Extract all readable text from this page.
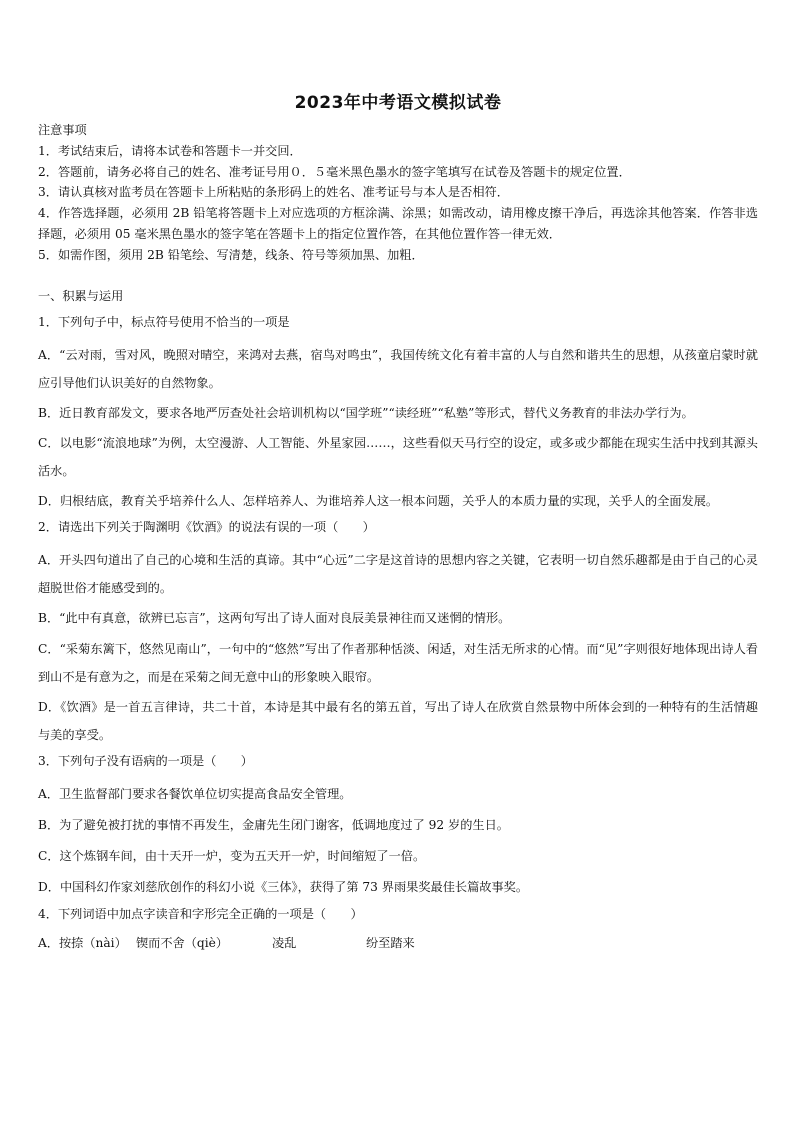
2023年中考语文模拟试卷

注意事项

1．考试结束后，请将本试卷和答题卡一并交回．

2．答题前，请务必将自己的姓名、准考证号用０．５毫米黑色墨水的签字笔填写在试卷及答题卡的规定位置．

3．请认真核对监考员在答题卡上所粘贴的条形码上的姓名、准考证号与本人是否相符．

4．作答选择题，必须用 2B 铅笔将答题卡上对应选项的方框涂满、涂黑；如需改动，请用橡皮擦干净后，再选涂其他答案．作答非选择题，必须用 05 毫米黑色墨水的签字笔在答题卡上的指定位置作答，在其他位置作答一律无效．

5．如需作图，须用 2B 铅笔绘、写清楚，线条、符号等须加黑、加粗．

一、积累与运用

1．下列句子中，标点符号使用不恰当的一项是

A．“云对雨，雪对风，晚照对晴空，来鸿对去燕，宿鸟对鸣虫”，我国传统文化有着丰富的人与自然和谐共生的思想，从孩童启蒙时就应引导他们认识美好的自然物象。

B．近日教育部发文，要求各地严厉查处社会培训机构以“国学班”“读经班”“私塾”等形式，替代义务教育的非法办学行为。

C．以电影“流浪地球”为例，太空漫游、人工智能、外星家园……，这些看似天马行空的设定，或多或少都能在现实生活中找到其源头活水。

D．归根结底，教育关乎培养什么人、怎样培养人、为谁培养人这一根本问题，关乎人的本质力量的实现，关乎人的全面发展。

2．请选出下列关于陶渊明《饮酒》的说法有误的一项（　　）

A．开头四句道出了自己的心境和生活的真谛。其中“心远”二字是这首诗的思想内容之关键，它表明一切自然乐趣都是由于自己的心灵超脱世俗才能感受到的。

B．“此中有真意，欲辨已忘言”，这两句写出了诗人面对良辰美景神往而又迷惘的情形。

C．“采菊东篱下，悠然见南山”，一句中的“悠然”写出了作者那种恬淡、闲适，对生活无所求的心情。而“见”字则很好地体现出诗人看到山不是有意为之，而是在采菊之间无意中山的形象映入眼帘。

D．《饮酒》是一首五言律诗，共二十首，本诗是其中最有名的第五首，写出了诗人在欣赏自然景物中所体会到的一种特有的生活情趣与美的享受。

3．下列句子没有语病的一项是（　　）

A．卫生监督部门要求各餐饮单位切实提高食品安全管理。

B．为了避免被打扰的事情不再发生，金庸先生闭门谢客，低调地度过了 92 岁的生日。

C．这个炼钢车间，由十天开一炉，变为五天开一炉，时间缩短了一倍。

D．中国科幻作家刘慈欣创作的科幻小说《三体》，获得了第 73 界雨果奖最佳长篇故事奖。

4．下列词语中加点字读音和字形完全正确的一项是（　　）

A．按捺（nài） 锲而不舍（qiè）	凌乱	纷至踏来
